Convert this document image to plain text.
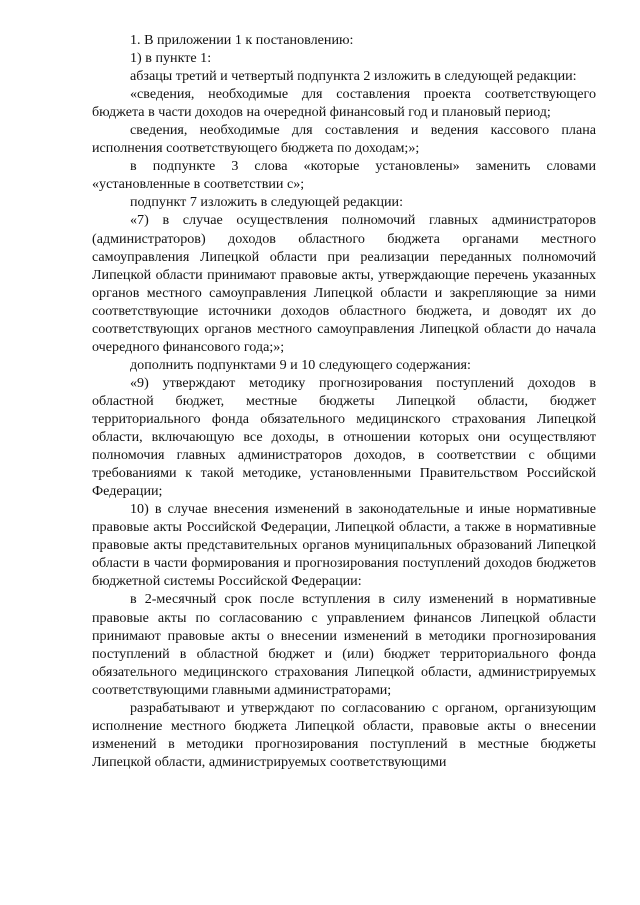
1. В приложении 1 к постановлению:

1) в пункте 1:

абзацы третий и четвертый подпункта 2 изложить в следующей редакции:

«сведения, необходимые для составления проекта соответствующего бюджета в части доходов на очередной финансовый год и плановый период;

сведения, необходимые для составления и ведения кассового плана исполнения соответствующего бюджета по доходам;»;

в подпункте 3 слова «которые установлены» заменить словами «установленные в соответствии с»;

подпункт 7 изложить в следующей редакции:

«7) в случае осуществления полномочий главных администраторов (администраторов) доходов областного бюджета органами местного самоуправления Липецкой области при реализации переданных полномочий Липецкой области принимают правовые акты, утверждающие перечень указанных органов местного самоуправления Липецкой области и закрепляющие за ними соответствующие источники доходов областного бюджета, и доводят их до соответствующих органов местного самоуправления Липецкой области до начала очередного финансового года;»;

дополнить подпунктами 9 и 10 следующего содержания:

«9) утверждают методику прогнозирования поступлений доходов в областной бюджет, местные бюджеты Липецкой области, бюджет территориального фонда обязательного медицинского страхования Липецкой области, включающую все доходы, в отношении которых они осуществляют полномочия главных администраторов доходов, в соответствии с общими требованиями к такой методике, установленными Правительством Российской Федерации;

10) в случае внесения изменений в законодательные и иные нормативные правовые акты Российской Федерации, Липецкой области, а также в нормативные правовые акты представительных органов муниципальных образований Липецкой области в части формирования и прогнозирования поступлений доходов бюджетов бюджетной системы Российской Федерации:

в 2-месячный срок после вступления в силу изменений в нормативные правовые акты по согласованию с управлением финансов Липецкой области принимают правовые акты о внесении изменений в методики прогнозирования поступлений в областной бюджет и (или) бюджет территориального фонда обязательного медицинского страхования Липецкой области, администрируемых соответствующими главными администраторами;

разрабатывают и утверждают по согласованию с органом, организующим исполнение местного бюджета Липецкой области, правовые акты о внесении изменений в методики прогнозирования поступлений в местные бюджеты Липецкой области, администрируемых соответствующими
